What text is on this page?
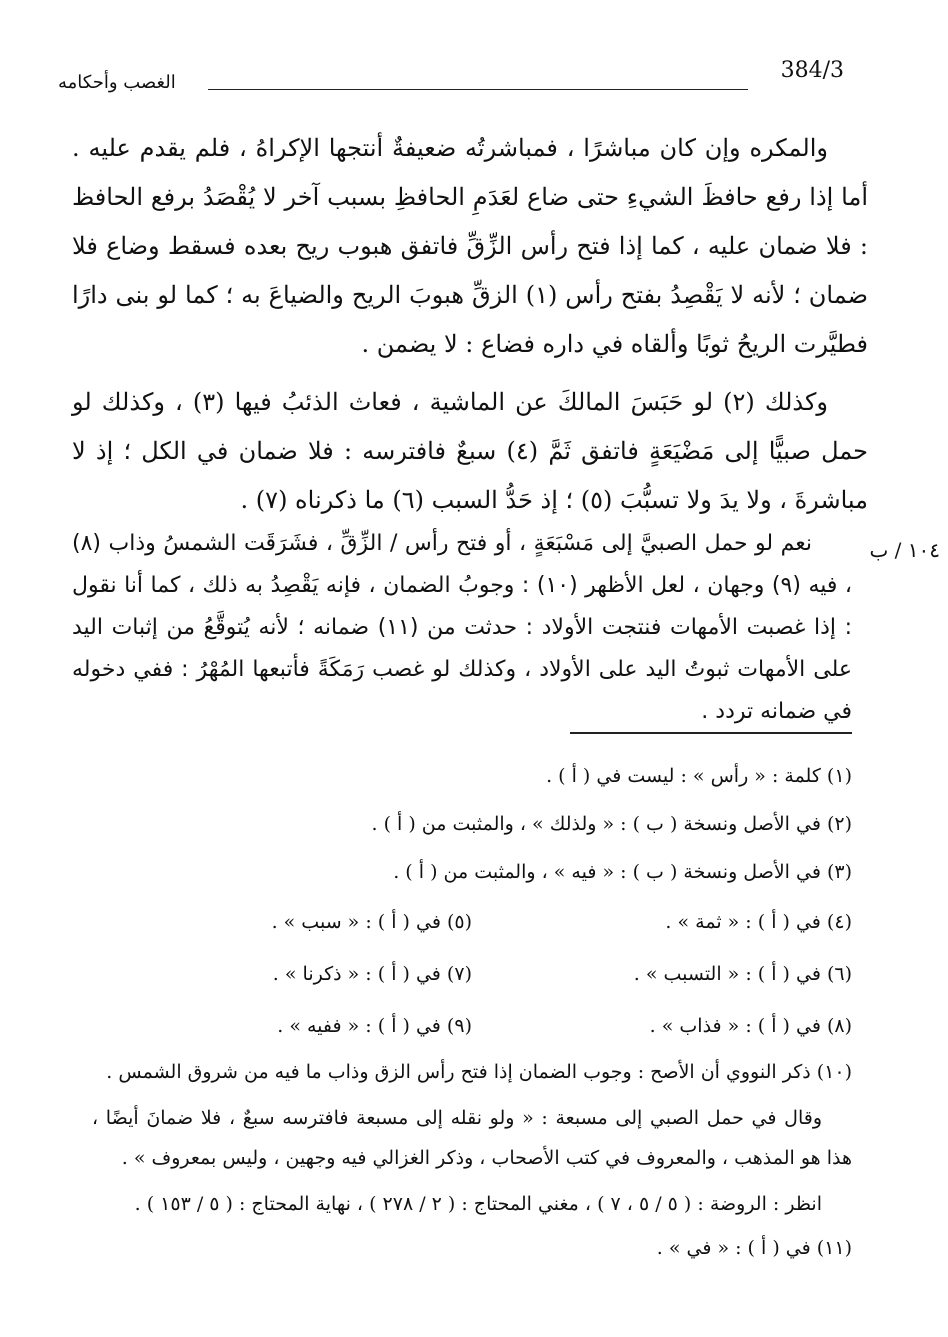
384/3
الغصب وأحكامه

والمكره وإن كان مباشرًا ، فمباشرتُه ضعيفةٌ أنتجها الإكراهُ ، فلم يقدم عليه . أما إذا رفع حافظَ الشيءِ حتى ضاع لعَدَمِ الحافظِ بسبب آخر لا يُقْصَدُ برفع الحافظ : فلا ضمان عليه ، كما إذا فتح رأس الزِّقِّ فاتفق هبوب ريح بعده فسقط وضاع فلا ضمان ؛ لأنه لا يَقْصِدُ بفتح رأس (١) الزقِّ هبوبَ الريح والضياعَ به ؛ كما لو بنى دارًا فطيَّرت الريحُ ثوبًا وألقاه في داره فضاع : لا يضمن .

وكذلك (٢) لو حَبَسَ المالكَ عن الماشية ، فعاث الذئبُ فيها (٣) ، وكذلك لو حمل صبيًّا إلى مَضْيَعَةٍ فاتفق ثَمَّ (٤) سبعٌ فافترسه : فلا ضمان في الكل ؛ إذ لا مباشرةَ ، ولا يدَ ولا تسبُّبَ (٥) ؛ إذ حَدُّ السبب (٦) ما ذكرناه (٧) .

نعم لو حمل الصبيَّ إلى مَسْبَعَةٍ ، أو فتح رأس / الزِّقِّ ، فشَرَقَت الشمسُ وذاب (٨) ، فيه (٩) وجهان ، لعل الأظهر (١٠) : وجوبُ الضمان ، فإنه يَقْصِدُ به ذلك ، كما أنا نقول : إذا غصبت الأمهات فنتجت الأولاد : حدثت من (١١) ضمانه ؛ لأنه يُتوقَّعُ من إثبات اليد على الأمهات ثبوتُ اليد على الأولاد ، وكذلك لو غصب رَمَكَةً فأتبعها المُهْرُ : ففي دخوله في ضمانه تردد .

١٠٤ / ب

(١) كلمة : « رأس » : ليست في ( أ ) .

(٢) في الأصل ونسخة ( ب ) : « ولذلك » ، والمثبت من ( أ ) .

(٣) في الأصل ونسخة ( ب ) : « فيه » ، والمثبت من ( أ ) .

(٤) في ( أ ) : « ثمة » .
(٥) في ( أ ) : « سبب » .
(٦) في ( أ ) : « التسبب » .
(٧) في ( أ ) : « ذكرنا » .
(٨) في ( أ ) : « فذاب » .
(٩) في ( أ ) : « ففيه » .

(١٠) ذكر النووي أن الأصح : وجوب الضمان إذا فتح رأس الزق وذاب ما فيه من شروق الشمس .

وقال في حمل الصبي إلى مسبعة : « ولو نقله إلى مسبعة فافترسه سبعٌ ، فلا ضمانَ أيضًا ، هذا هو المذهب ، والمعروف في كتب الأصحاب ، وذكر الغزالي فيه وجهين ، وليس بمعروف » .

انظر : الروضة : ( ٥ / ٥ ، ٧ ) ، مغني المحتاج : ( ٢ / ٢٧٨ ) ، نهاية المحتاج : ( ٥ / ١٥٣ ) .

(١١) في ( أ ) : « في » .
